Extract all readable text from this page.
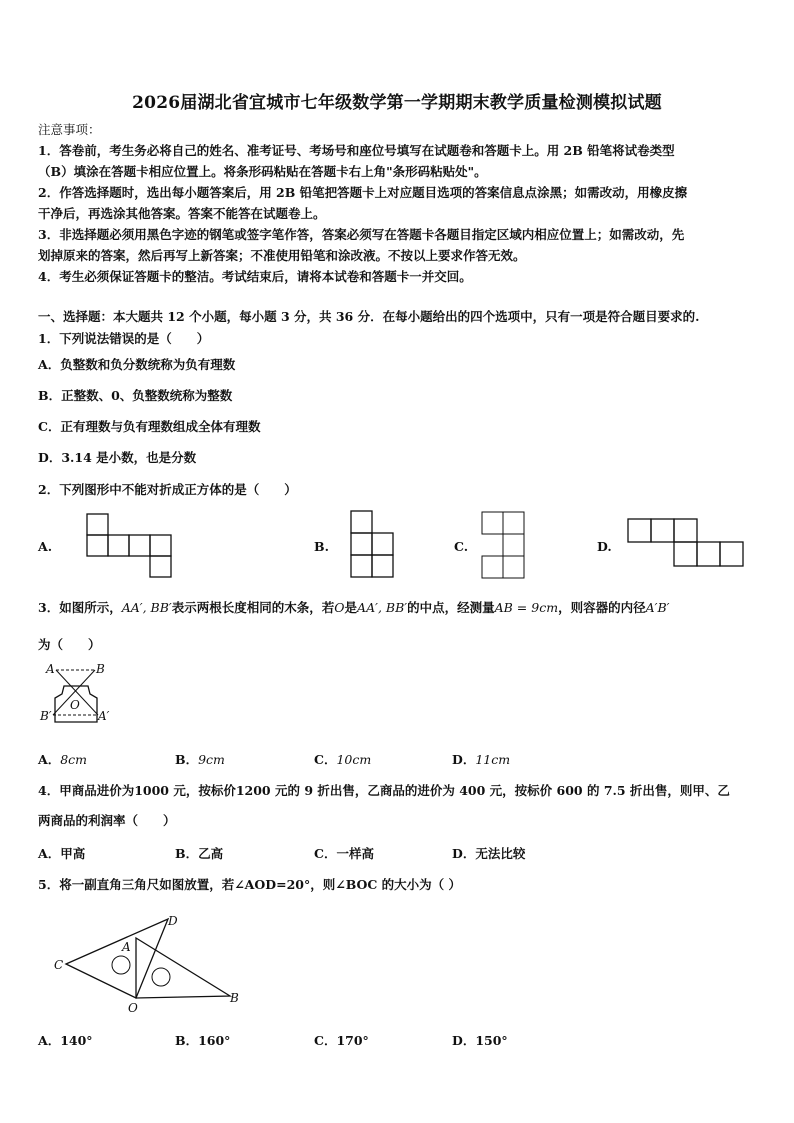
2026届湖北省宜城市七年级数学第一学期期末教学质量检测模拟试题
注意事项：
1．答卷前，考生务必将自己的姓名、准考证号、考场号和座位号填写在试题卷和答题卡上。用 2B 铅笔将试卷类型
（B）填涂在答题卡相应位置上。将条形码粘贴在答题卡右上角"条形码粘贴处"。
2．作答选择题时，选出每小题答案后，用 2B 铅笔把答题卡上对应题目选项的答案信息点涂黑；如需改动，用橡皮擦
干净后，再选涂其他答案。答案不能答在试题卷上。
3．非选择题必须用黑色字迹的钢笔或签字笔作答，答案必须写在答题卡各题目指定区域内相应位置上；如需改动，先
划掉原来的答案，然后再写上新答案；不准使用铅笔和涂改液。不按以上要求作答无效。
4．考生必须保证答题卡的整洁。考试结束后，请将本试卷和答题卡一并交回。
一、选择题：本大题共 12 个小题，每小题 3 分，共 36 分．在每小题给出的四个选项中，只有一项是符合题目要求的.
1．下列说法错误的是（　　）
A．负整数和负分数统称为负有理数
B．正整数、0、负整数统称为整数
C．正有理数与负有理数组成全体有理数
D．3.14 是小数，也是分数
2．下列图形中不能对折成正方体的是（　　）
A.	B.	C.	D.
3．如图所示，AA′, BB′表示两根长度相同的木条，若O是AA′, BB′的中点，经测量AB = 9cm，则容器的内径A′B′
为（　　）
A	B
B′	A′
O
A．8cm	B．9cm	C．10cm	D．11cm
4．甲商品进价为1000 元，按标价1200 元的 9 折出售，乙商品的进价为 400 元，按标价 600 的 7.5 折出售，则甲、乙
两商品的利润率（　　）
A．甲高	B．乙高	C．一样高	D．无法比较
5．将一副直角三角尺如图放置，若∠AOD=20°，则∠BOC 的大小为（ ）
D
A
C
O
B
A．140°	B．160°	C．170°	D．150°
